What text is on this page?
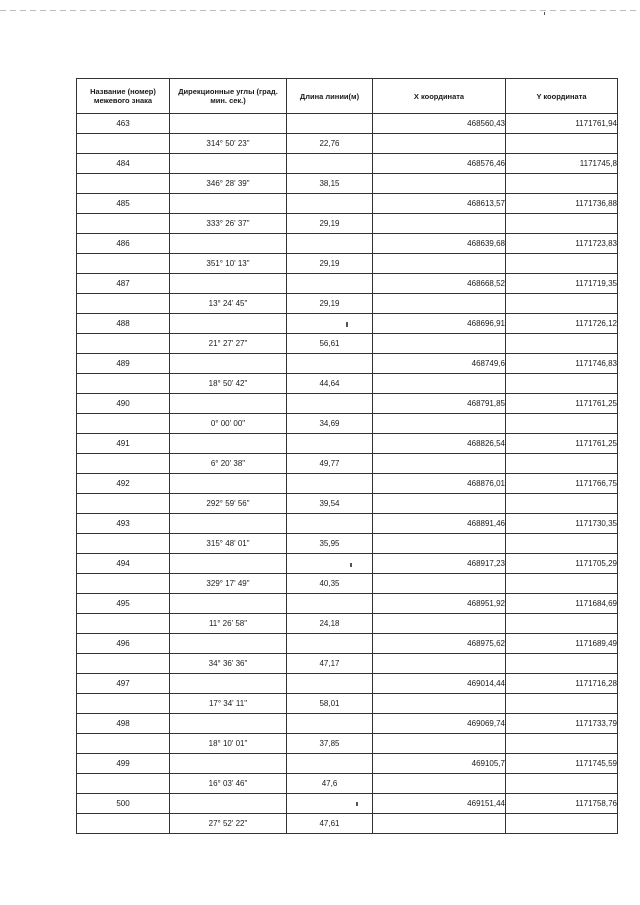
Название (номер) межевого знака	Дирекционные углы (град. мин. сек.)	Длина линии(м)	X координата	Y координата
463			468560,43	1171761,94
	314° 50' 23"	22,76		
484			468576,46	1171745,8
	346° 28' 39"	38,15		
485			468613,57	1171736,88
	333° 26' 37"	29,19		
486			468639,68	1171723,83
	351° 10' 13"	29,19		
487			468668,52	1171719,35
	13° 24' 45"	29,19		
488			468696,91	1171726,12
	21° 27' 27"	56,61		
489			468749,6	1171746,83
	18° 50' 42"	44,64		
490			468791,85	1171761,25
	0° 00' 00"	34,69		
491			468826,54	1171761,25
	6° 20' 38"	49,77		
492			468876,01	1171766,75
	292° 59' 56"	39,54		
493			468891,46	1171730,35
	315° 48' 01"	35,95		
494			468917,23	1171705,29
	329° 17' 49"	40,35		
495			468951,92	1171684,69
	11° 26' 58"	24,18		
496			468975,62	1171689,49
	34° 36' 36"	47,17		
497			469014,44	1171716,28
	17° 34' 11"	58,01		
498			469069,74	1171733,79
	18° 10' 01"	37,85		
499			469105,7	1171745,59
	16° 03' 46"	47,6		
500			469151,44	1171758,76
	27° 52' 22"	47,61		
